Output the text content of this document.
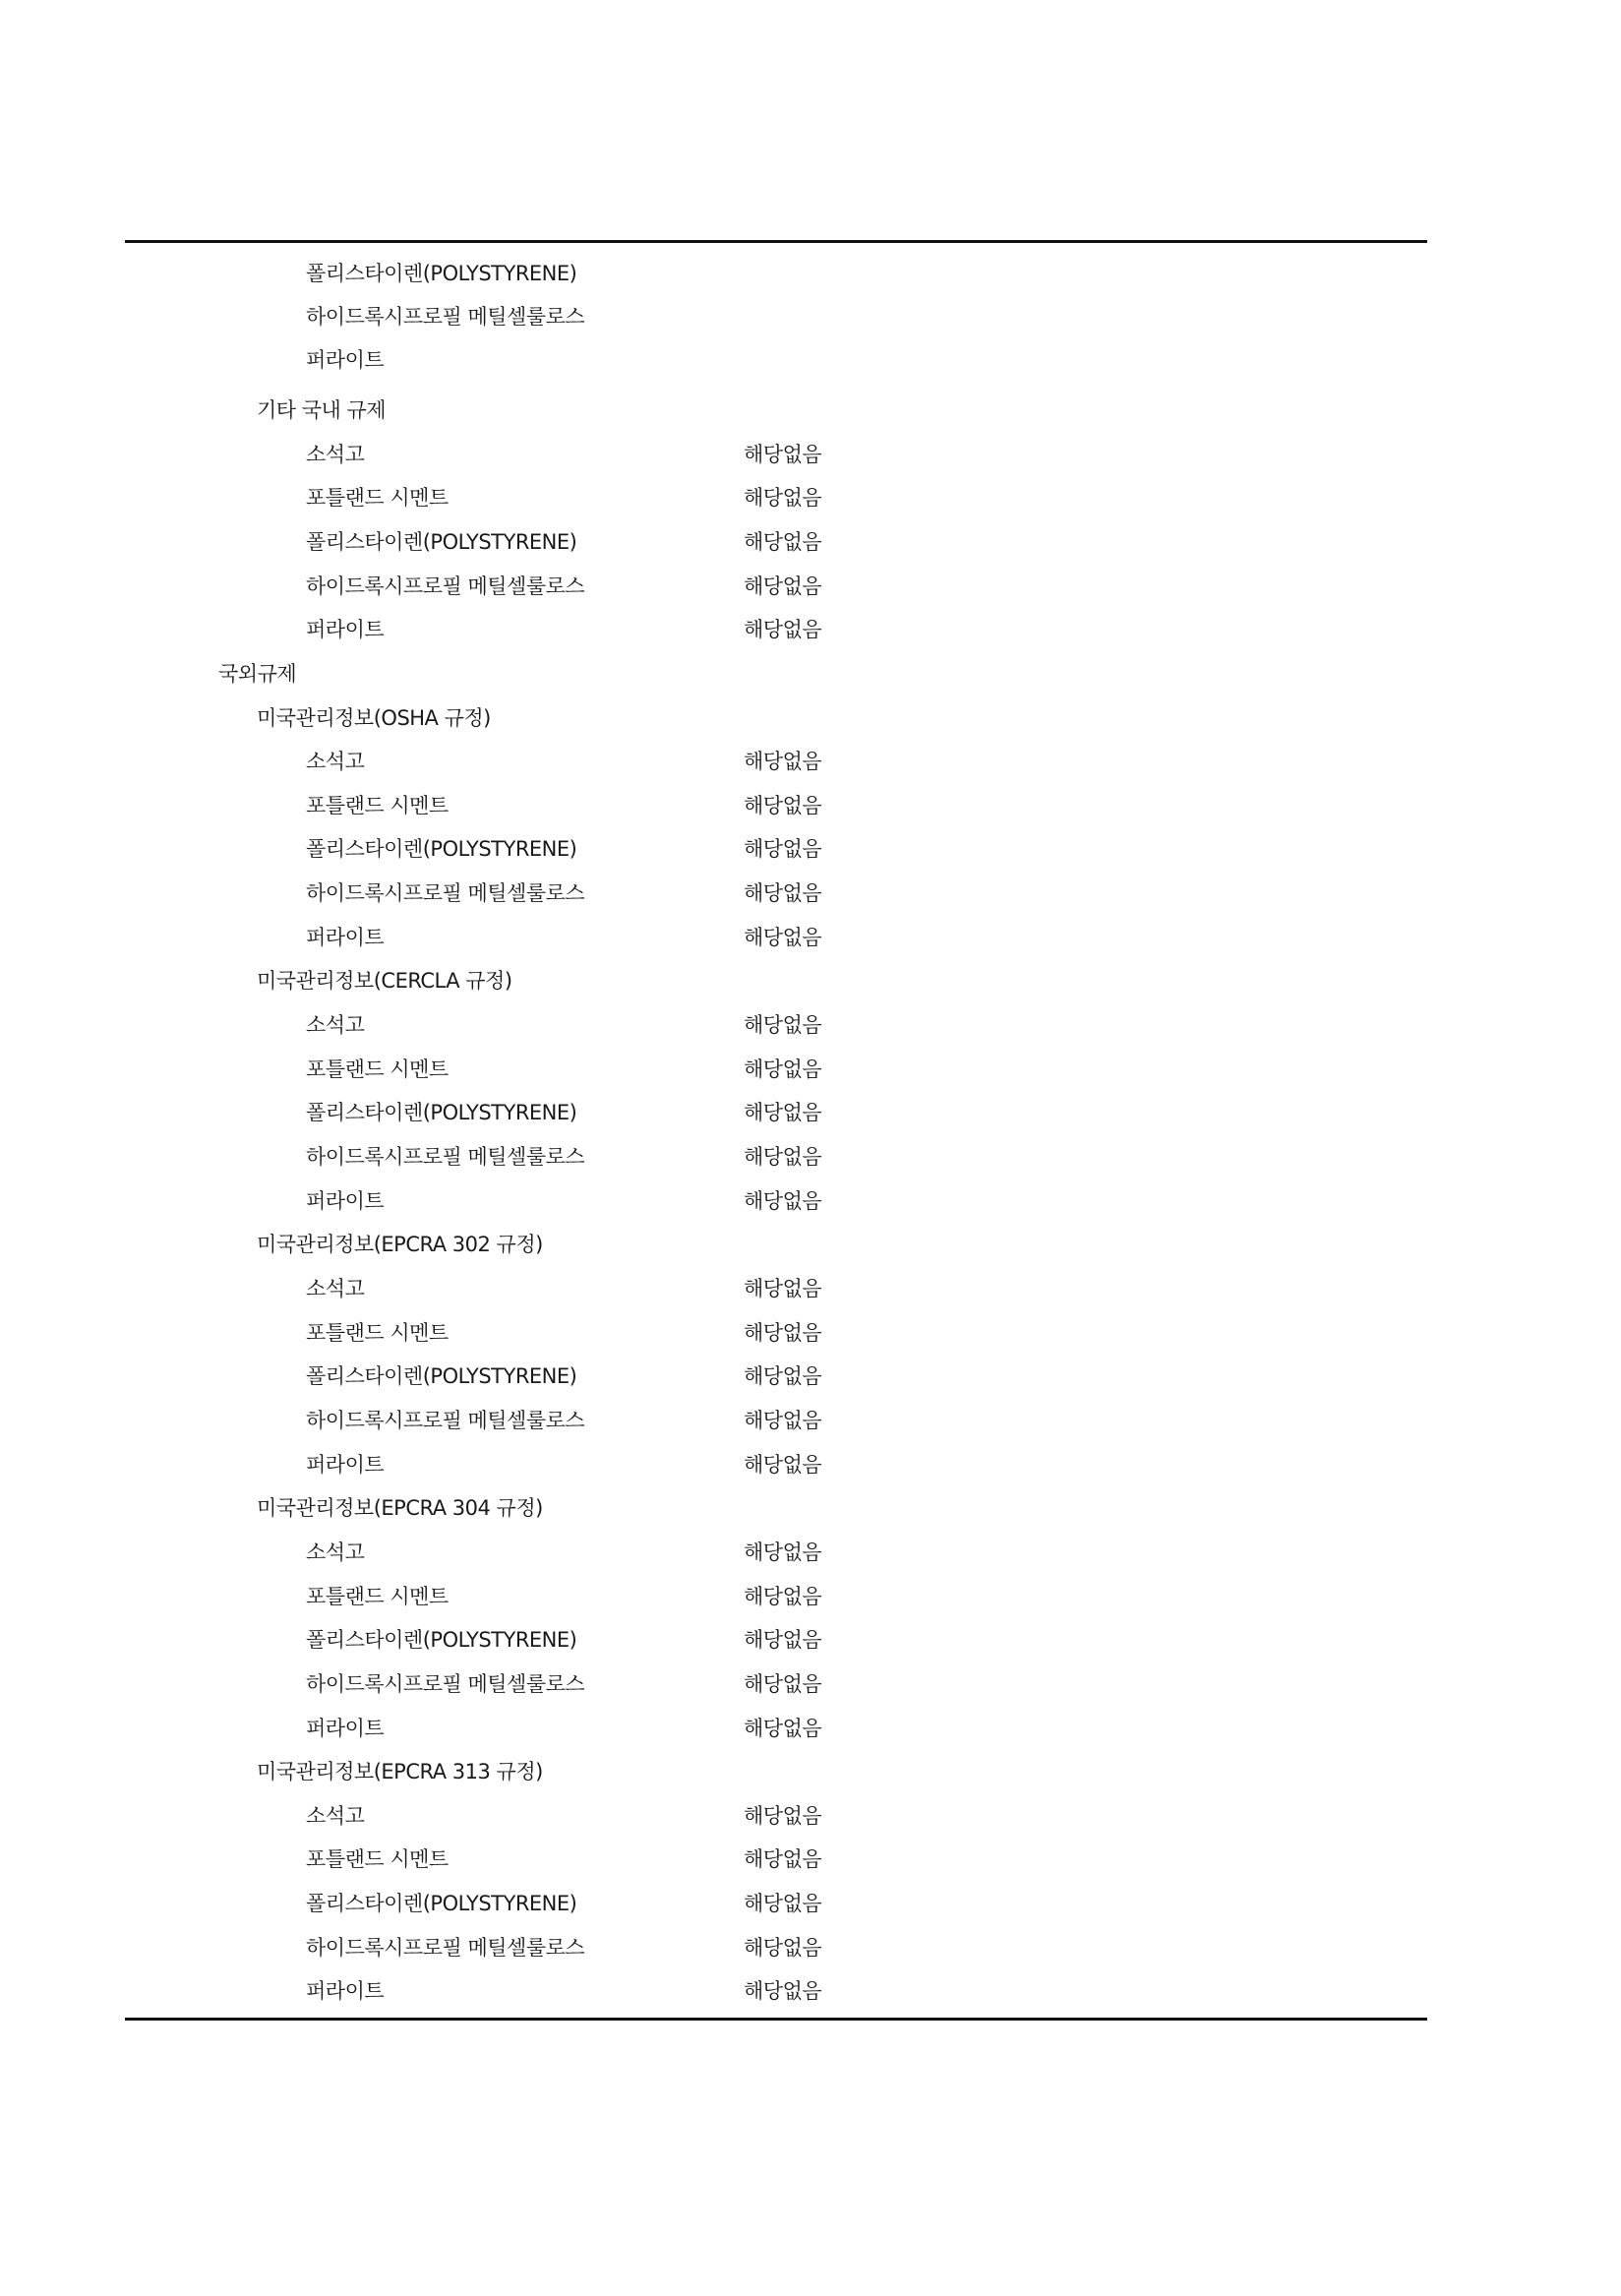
폴리스타이렌(POLYSTYRENE)
하이드록시프로필 메틸셀룰로스
퍼라이트
기타 국내 규제
소석고	해당없음
포틀랜드 시멘트	해당없음
폴리스타이렌(POLYSTYRENE)	해당없음
하이드록시프로필 메틸셀룰로스	해당없음
퍼라이트	해당없음
국외규제
미국관리정보(OSHA 규정)
소석고	해당없음
포틀랜드 시멘트	해당없음
폴리스타이렌(POLYSTYRENE)	해당없음
하이드록시프로필 메틸셀룰로스	해당없음
퍼라이트	해당없음
미국관리정보(CERCLA 규정)
소석고	해당없음
포틀랜드 시멘트	해당없음
폴리스타이렌(POLYSTYRENE)	해당없음
하이드록시프로필 메틸셀룰로스	해당없음
퍼라이트	해당없음
미국관리정보(EPCRA 302 규정)
소석고	해당없음
포틀랜드 시멘트	해당없음
폴리스타이렌(POLYSTYRENE)	해당없음
하이드록시프로필 메틸셀룰로스	해당없음
퍼라이트	해당없음
미국관리정보(EPCRA 304 규정)
소석고	해당없음
포틀랜드 시멘트	해당없음
폴리스타이렌(POLYSTYRENE)	해당없음
하이드록시프로필 메틸셀룰로스	해당없음
퍼라이트	해당없음
미국관리정보(EPCRA 313 규정)
소석고	해당없음
포틀랜드 시멘트	해당없음
폴리스타이렌(POLYSTYRENE)	해당없음
하이드록시프로필 메틸셀룰로스	해당없음
퍼라이트	해당없음
